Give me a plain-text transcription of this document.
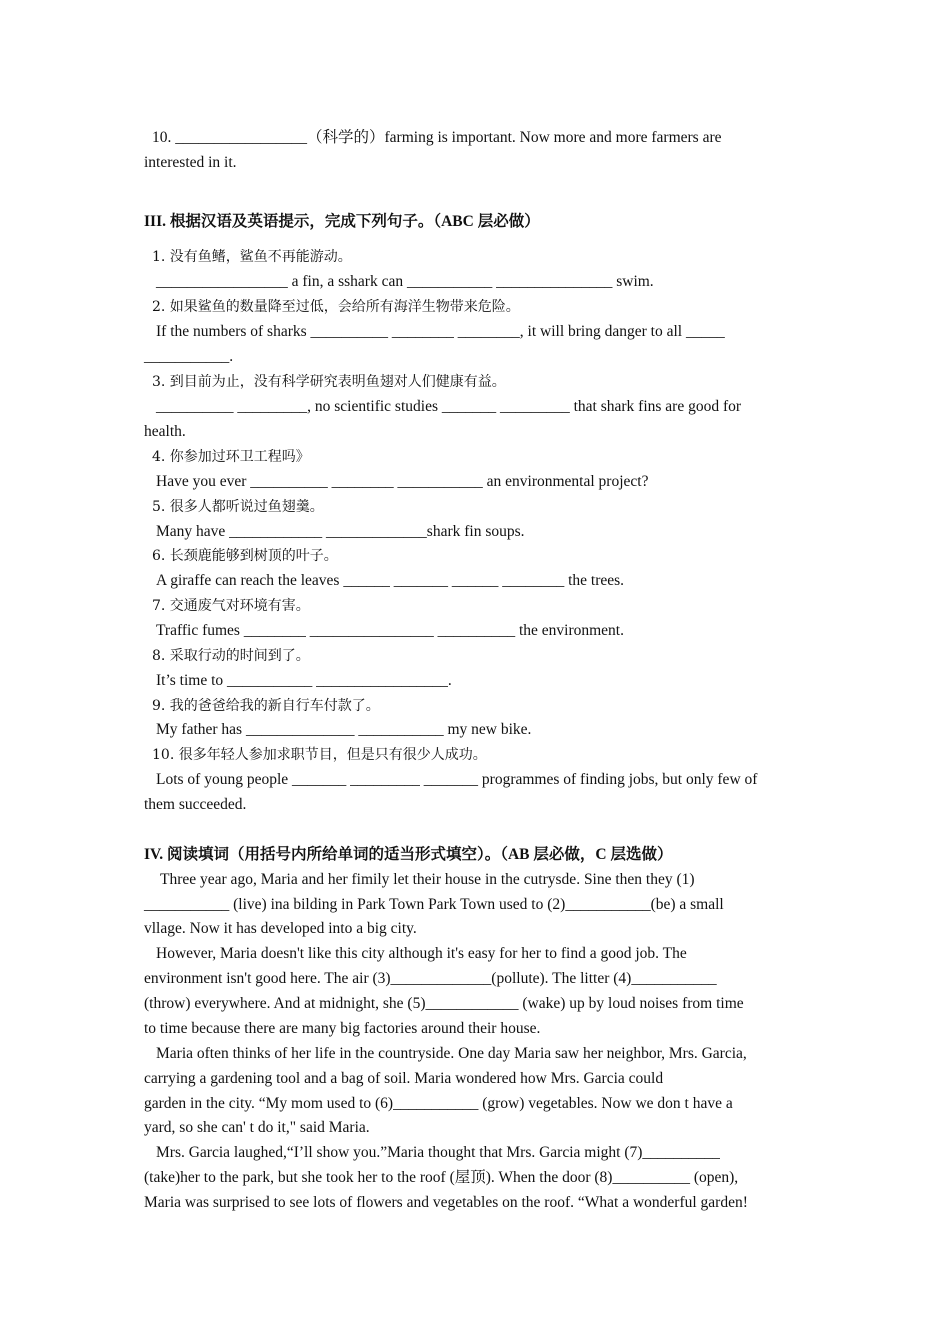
10. _________________（科学的）farming is important. Now more and more farmers are
interested in it.
III. 根据汉语及英语提示，完成下列句子。（ABC 层必做）
1. 没有鱼鳍，鲨鱼不再能游动。
_________________ a fin, a sshark can ___________ _______________ swim.
2. 如果鲨鱼的数量降至过低，会给所有海洋生物带来危险。
If the numbers of sharks __________ ________ ________, it will bring danger to all _____
___________.
3. 到目前为止，没有科学研究表明鱼翅对人们健康有益。
__________ _________, no scientific studies _______ _________ that shark fins are good for
health.
4. 你参加过环卫工程吗》
Have you ever __________ ________ ___________ an environmental project?
5. 很多人都听说过鱼翅羹。
Many have ____________ _____________shark fin soups.
6. 长颈鹿能够到树顶的叶子。
A giraffe can reach the leaves ______ _______ ______ ________ the trees.
7. 交通废气对环境有害。
Traffic fumes ________ ________________ __________ the environment.
8. 采取行动的时间到了。
It’s time to ___________ _________________.
9. 我的爸爸给我的新自行车付款了。
My father has ______________ ___________ my new bike.
10. 很多年轻人参加求职节目，但是只有很少人成功。
Lots of young people _______ _________ _______ programmes of finding jobs, but only few of
them succeeded.
IV. 阅读填词（用括号内所给单词的适当形式填空）。（AB 层必做，C 层选做）
Three year ago, Maria and her fimily let their house in the cutrysde. Sine then they (1)
___________ (live) ina bilding in Park Town Park Town used to (2)___________(be) a small
vllage. Now it has developed into a big city.
However, Maria doesn't like this city although it's easy for her to find a good job. The
environment isn't good here. The air (3)_____________(pollute). The litter (4)___________
(throw) everywhere. And at midnight, she (5)____________ (wake) up by loud noises from time
to time because there are many big factories around their house.
Maria often thinks of her life in the countryside. One day Maria saw her neighbor, Mrs. Garcia,
carrying a gardening tool and a bag of soil. Maria wondered how Mrs. Garcia could
garden in the city. “My mom used to (6)___________ (grow) vegetables. Now we don t have a
yard, so she can' t do it," said Maria.
Mrs. Garcia laughed,“I’ll show you.”Maria thought that Mrs. Garcia might (7)__________
(take)her to the park, but she took her to the roof (屋顶). When the door (8)__________ (open),
Maria was surprised to see lots of flowers and vegetables on the roof. “What a wonderful garden!
